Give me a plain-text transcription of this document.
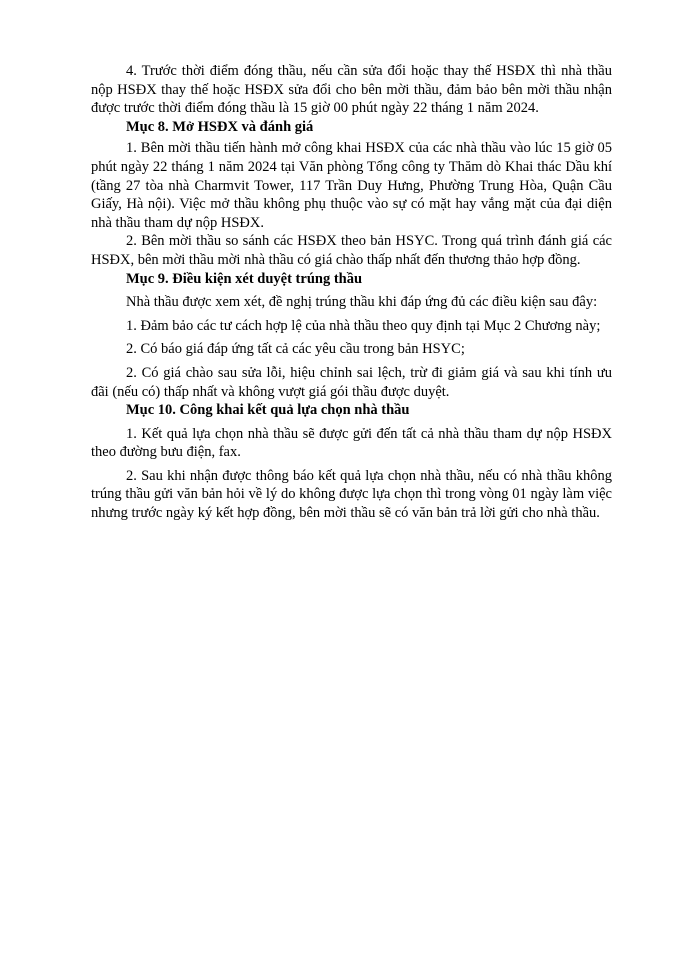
4. Trước thời điểm đóng thầu, nếu cần sửa đổi hoặc thay thế HSĐX thì nhà thầu nộp HSĐX thay thế hoặc HSĐX sửa đổi cho bên mời thầu, đảm bảo bên mời thầu nhận được trước thời điểm đóng thầu là 15 giờ 00 phút ngày 22 tháng 1 năm 2024.

Mục 8. Mở HSĐX và đánh giá

1. Bên mời thầu tiến hành mở công khai HSĐX của các nhà thầu vào lúc 15 giờ 05 phút ngày 22 tháng 1 năm 2024 tại Văn phòng Tổng công ty Thăm dò Khai thác Dầu khí (tầng 27 tòa nhà Charmvit Tower, 117 Trần Duy Hưng, Phường Trung Hòa, Quận Cầu Giấy, Hà nội). Việc mở thầu không phụ thuộc vào sự có mặt hay vắng mặt của đại diện nhà thầu tham dự nộp HSĐX.

2. Bên mời thầu so sánh các HSĐX theo bản HSYC. Trong quá trình đánh giá các HSĐX, bên mời thầu mời nhà thầu có giá chào thấp nhất đến thương thảo hợp đồng.

Mục 9. Điều kiện xét duyệt trúng thầu

Nhà thầu được xem xét, đề nghị trúng thầu khi đáp ứng đủ các điều kiện sau đây:

1. Đảm bảo các tư cách hợp lệ của nhà thầu theo quy định tại Mục 2 Chương này;

2. Có báo giá đáp ứng tất cả các yêu cầu trong bản HSYC;

2. Có giá chào sau sửa lỗi, hiệu chỉnh sai lệch, trừ đi giảm giá và sau khi tính ưu đãi (nếu có) thấp nhất và không vượt giá gói thầu được duyệt.

Mục 10. Công khai kết quả lựa chọn nhà thầu

1. Kết quả lựa chọn nhà thầu sẽ được gửi đến tất cả nhà thầu tham dự nộp HSĐX theo đường bưu điện, fax.

2. Sau khi nhận được thông báo kết quả lựa chọn nhà thầu, nếu có nhà thầu không trúng thầu gửi văn bản hỏi về lý do không được lựa chọn thì trong vòng 01 ngày làm việc nhưng trước ngày ký kết hợp đồng, bên mời thầu sẽ có văn bản trả lời gửi cho nhà thầu.
